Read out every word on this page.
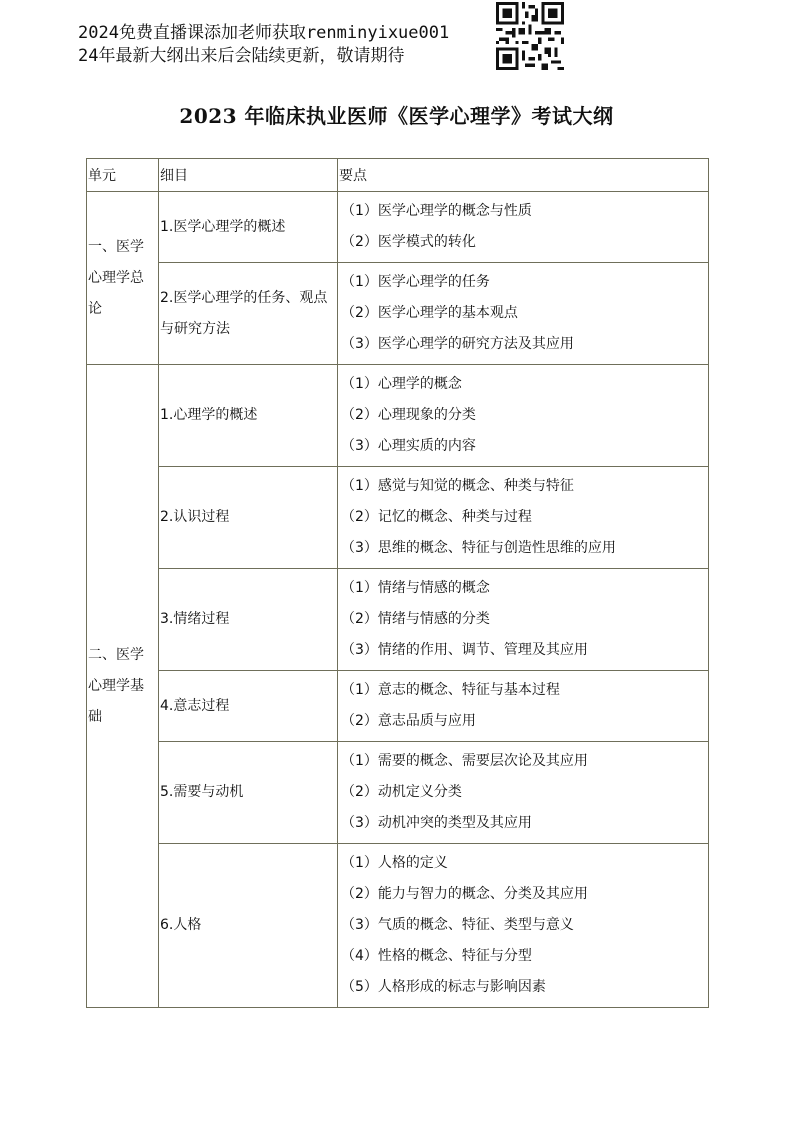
2024免费直播课添加老师获取renminyixue001
24年最新大纲出来后会陆续更新，敬请期待
2023 年临床执业医师《医学心理学》考试大纲
单元	细目	要点
一、医学心理学总论	1.医学心理学的概述	（1）医学心理学的概念与性质
（2）医学模式的转化

	2.医学心理学的任务、观点与研究方法	（1）医学心理学的任务
（2）医学心理学的基本观点
（3）医学心理学的研究方法及其应用

二、医学心理学基础	1.心理学的概述	（1）心理学的概念
（2）心理现象的分类
（3）心理实质的内容

	2.认识过程	（1）感觉与知觉的概念、种类与特征
（2）记忆的概念、种类与过程
（3）思维的概念、特征与创造性思维的应用

	3.情绪过程	（1）情绪与情感的概念
（2）情绪与情感的分类
（3）情绪的作用、调节、管理及其应用

	4.意志过程	（1）意志的概念、特征与基本过程
（2）意志品质与应用

	5.需要与动机	（1）需要的概念、需要层次论及其应用
（2）动机定义分类
（3）动机冲突的类型及其应用

	6.人格	（1）人格的定义
（2）能力与智力的概念、分类及其应用
（3）气质的概念、特征、类型与意义
（4）性格的概念、特征与分型
（5）人格形成的标志与影响因素
